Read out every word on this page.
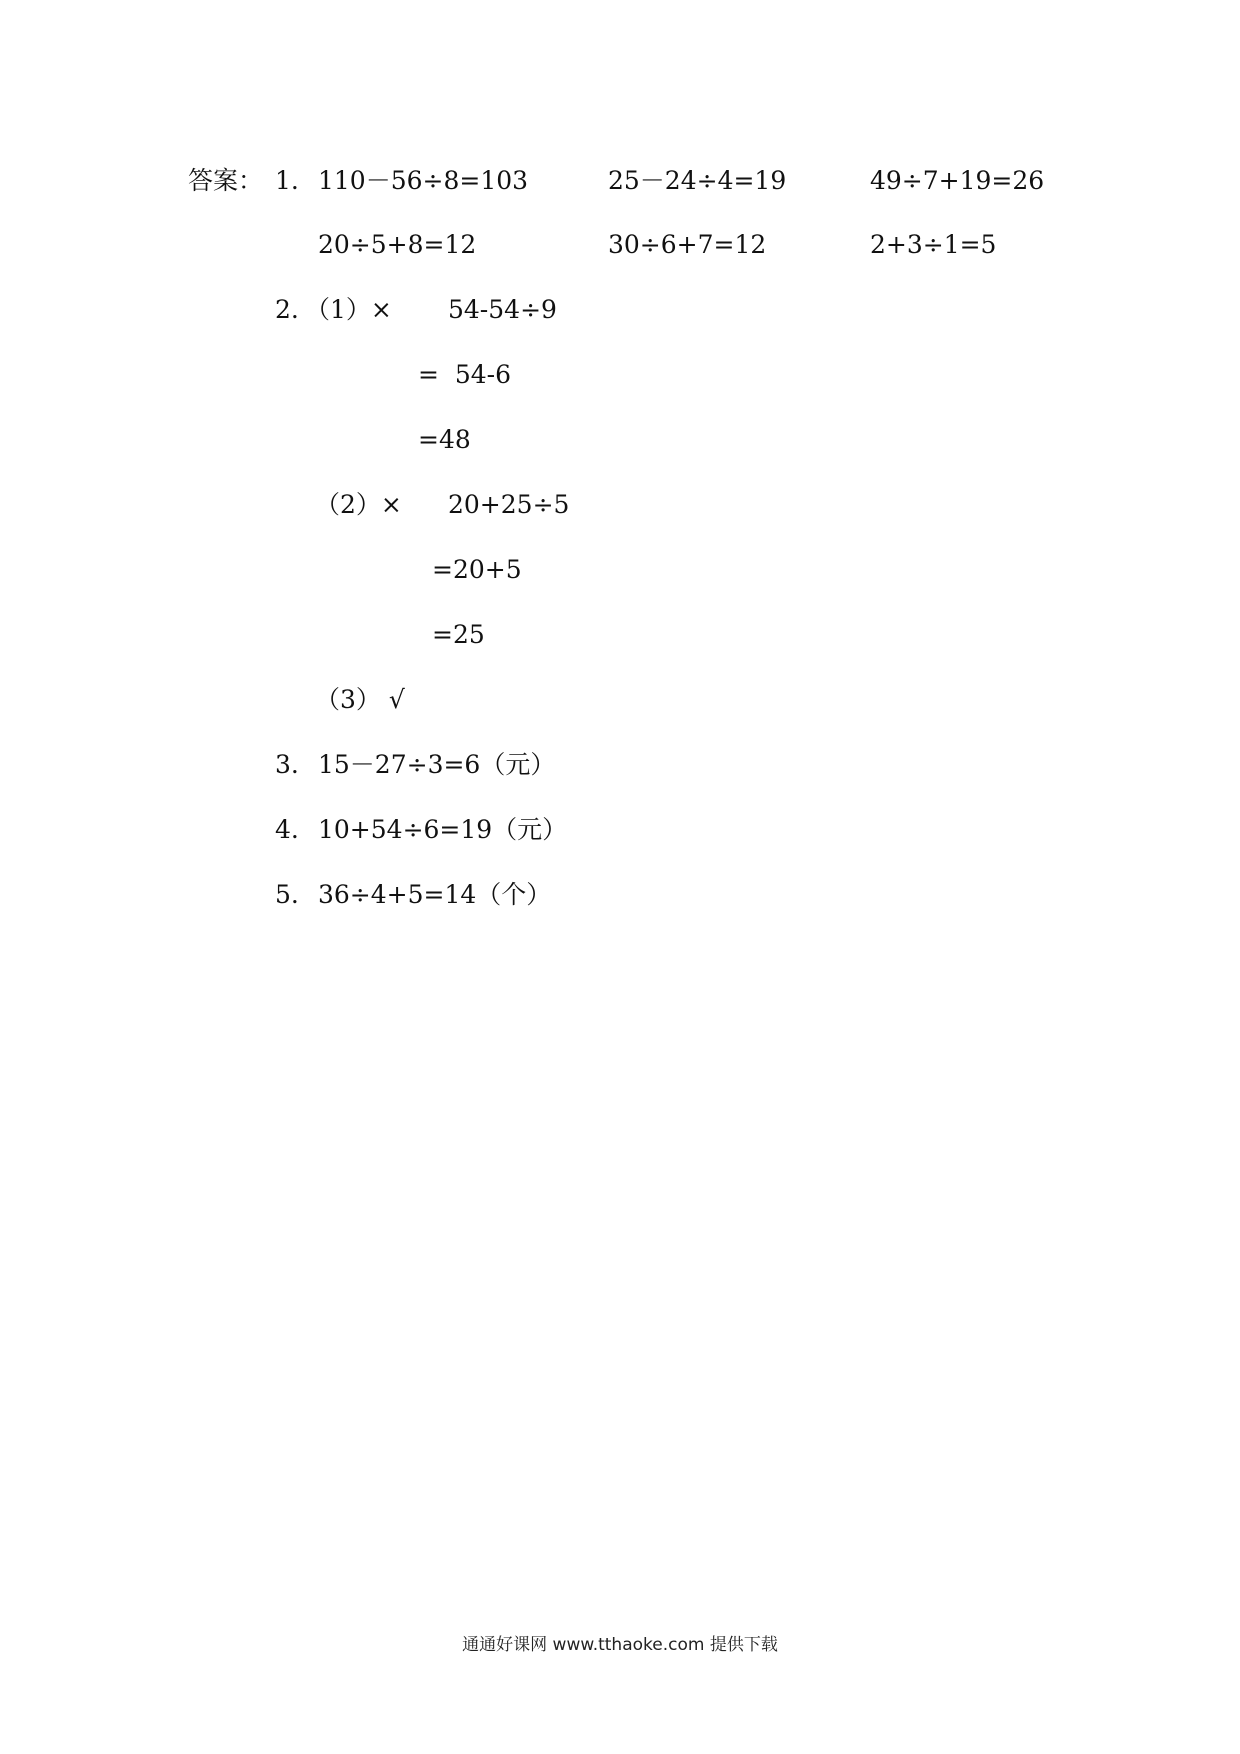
答案： 1. 110－56÷8=103	25－24÷4=19	49÷7+19=26
20÷5+8=12	30÷6+7=12	2+3÷1=5
2. （1）× 54-54÷9
=  54-6
=48
（2）× 20+25÷5
=20+5
=25
（3） √
3. 15－27÷3=6（元）
4. 10+54÷6=19（元）
5. 36÷4+5=14（个）
通通好课网 www.tthaoke.com 提供下载
